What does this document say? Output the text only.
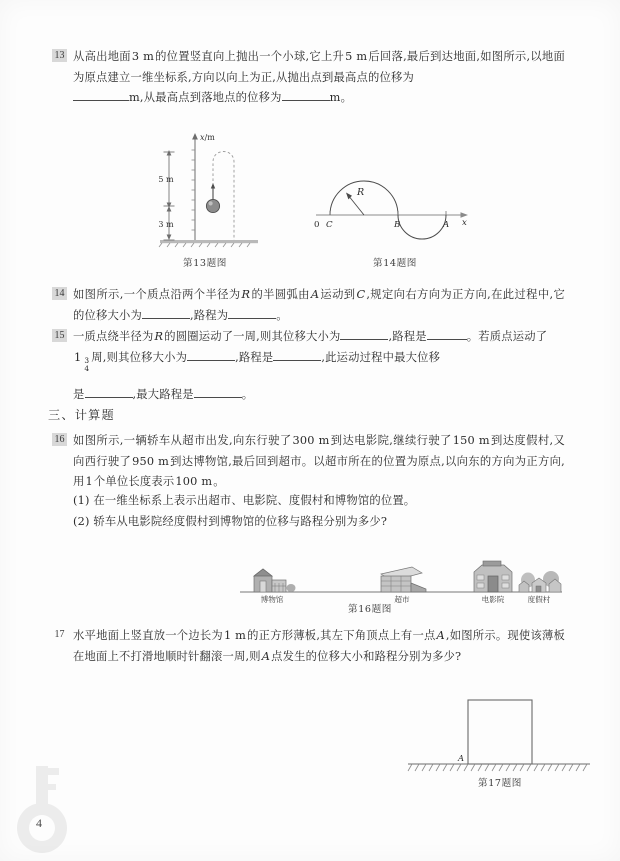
13 从高出地面3 m的位置竖直向上抛出一个小球,它上升5 m后回落,最后到达地面,如图所示,以地面为原点建立一维坐标系,方向以向上为正,从抛出点到最高点的位移为
m,从最高点到落地点的位移为	m。
5 m
3 m
x/m
第13题图
R
0 C	B	A x
第14题图
14 如图所示,一个质点沿两个半径为R的半圆弧由A运动到C,规定向右方向为正方向,在此过程中,它的位移大小为	,路程为	。
15 一质点绕半径为R的圆圈运动了一周,则其位移大小为	,路程是	。若质点运动了
1 3
4
周,则其位移大小为	,路程是	,此运动过程中最大位移
是	,最大路程是	。
三、计算题
16 如图所示,一辆轿车从超市出发,向东行驶了300 m到达电影院,继续行驶了150 m到达度假村,又向西行驶了950 m到达博物馆,最后回到超市。以超市所在的位置为原点,以向东的方向为正方向,用1个单位长度表示100 m。
(1) 在一维坐标系上表示出超市、电影院、度假村和博物馆的位置。
(2) 轿车从电影院经度假村到博物馆的位移与路程分别为多少?
博物馆	超市	电影院	度假村
第16题图
17 水平地面上竖直放一个边长为1 m的正方形薄板,其左下角顶点上有一点A,如图所示。现使该薄板在地面上不打滑地顺时针翻滚一周,则A点发生的位移大小和路程分别为多少?
A
第17题图
4
